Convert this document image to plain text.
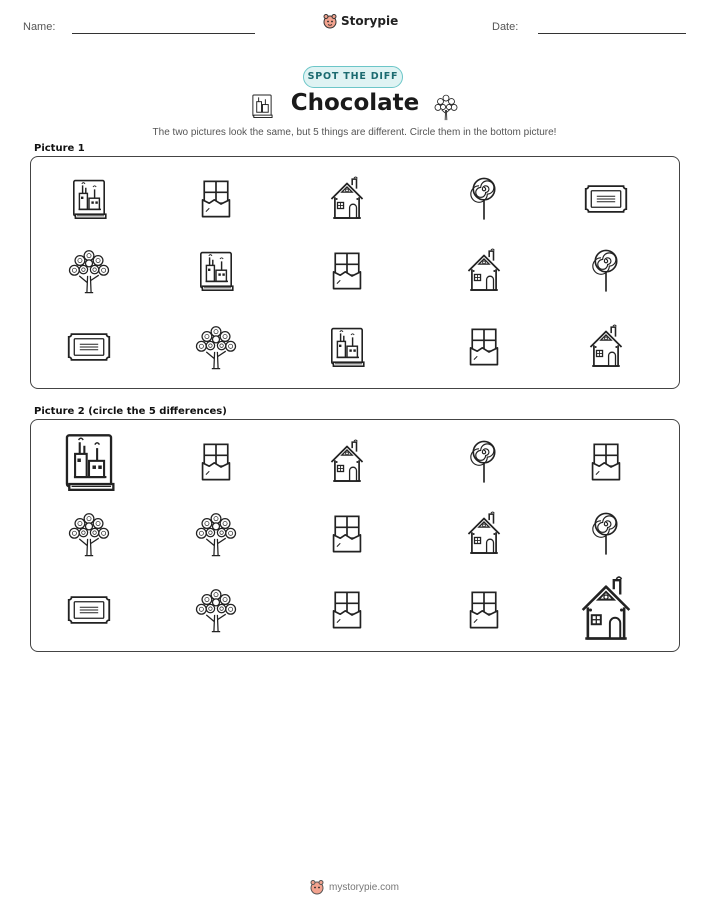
Name:	Storypie	Date:
SPOT THE DIFF
Chocolate
The two pictures look the same, but 5 things are different. Circle them in the bottom picture!
Picture 1
Picture 2 (circle the 5 differences)
mystorypie.com
